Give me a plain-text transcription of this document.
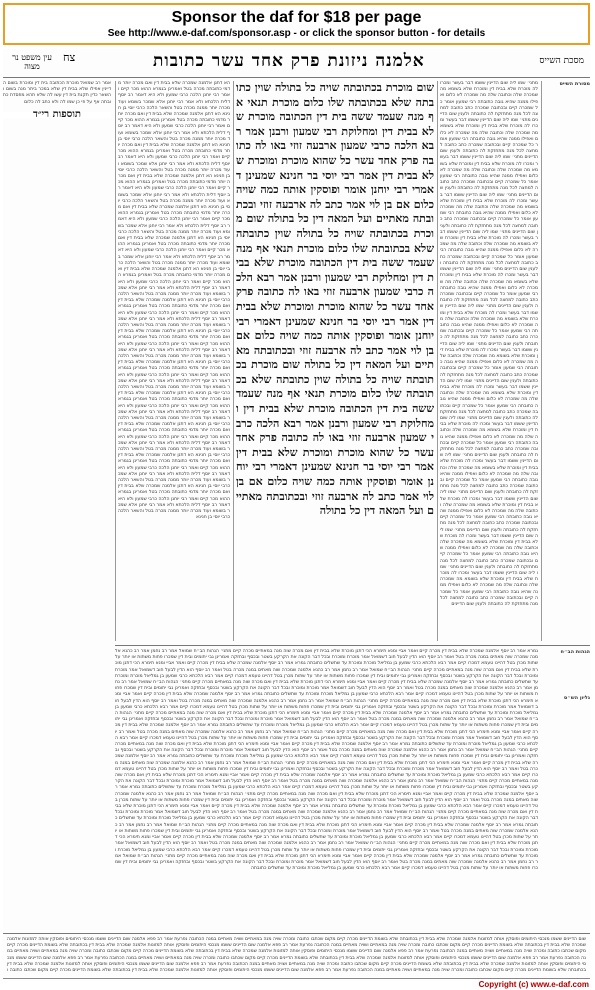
Sponsor the daf for $18 per page
See http://www.e-daf.com/sponsor.asp - or click the sponsor button - for details
מסכת השייס
אלמנה ניזונת פרק אחד עשר כתובות
צח
עין משפט נר מצוה
מסורת השייס
מתני׳ שמו ליה שום הדיינין ששמו דבר בעשר ומכרו לה מוכרת שלא בבית דין ומוכרת שלא בשומא מה שמכרה שלה וכתובה שלה מה שמכרה לא כלום ואפילו ממנה שהיא גובה כתובתה רבי שמעון אומר כל שמכרה קיים ובכתובה שמכרה כתב כתובה למחצה לכל מנה מתחזקת לה כתובתה ולענין שום הדיינים מתני׳ שמו ליה שום הדיינין ששמו דבר בעשר ומכרו לה מוכרת שלא בבית דין ומוכרת שלא בשומא מה שמכרה שלה וכתובה שלה מה שמכרה לא כלום ואפילו ממנה שהיא גובה כתובתה רבי שמעון אומר כל שמכרה קיים ובכתובה שמכרה כתב כתובה למחצה לכל מנה מתחזקת לה כתובתה ולענין שום הדיינים מתני׳ שמו ליה שום הדיינין ששמו דבר בעשר ומכרו לה מוכרת שלא בבית דין ומוכרת שלא בשומא מה שמכרה שלה וכתובה שלה מה שמכרה לא כלום ואפילו ממנה שהיא גובה כתובתה רבי שמעון אומר כל שמכרה קיים ובכתובה שמכרה כתב כתובה למחצה לכל מנה מתחזקת לה כתובתה ולענין שום הדיינים מתני׳ שמו ליה שום הדיינין ששמו דבר בעשר ומכרו לה מוכרת שלא בבית דין ומוכרת שלא בשומא מה שמכרה שלה וכתובה שלה מה שמכרה לא כלום ואפילו ממנה שהיא גובה כתובתה רבי שמעון אומר כל שמכרה קיים ובכתובה שמכרה כתב כתובה למחצה לכל מנה מתחזקת לה כתובתה ולענין שום הדיינים מתני׳ שמו ליה שום הדיינין ששמו דבר בעשר ומכרו לה מוכרת שלא בבית דין ומוכרת שלא בשומא מה שמכרה שלה וכתובה שלה מה שמכרה לא כלום ואפילו ממנה שהיא גובה כתובתה רבי שמעון אומר כל שמכרה קיים ובכתובה שמכרה כתב כתובה למחצה לכל מנה מתחזקת לה כתובתה ולענין שום הדיינים מתני׳ שמו ליה שום הדיינין ששמו דבר בעשר ומכרו לה מוכרת שלא בבית דין ומוכרת שלא בשומא מה שמכרה שלה וכתובה שלה מה שמכרה לא כלום ואפילו ממנה שהיא גובה כתובתה רבי שמעון אומר כל שמכרה קיים ובכתובה שמכרה כתב כתובה למחצה לכל מנה מתחזקת לה כתובתה ולענין שום הדיינים מתני׳ שמו ליה שום הדיינין ששמו דבר בעשר ומכרו לה מוכרת שלא בבית דין ומוכרת שלא בשומא מה שמכרה שלה וכתובה שלה מה שמכרה לא כלום ואפילו ממנה שהיא גובה כתובתה רבי שמעון אומר כל שמכרה קיים ובכתובה שמכרה כתב כתובה למחצה לכל מנה מתחזקת לה כתובתה ולענין שום הדיינים מתני׳ שמו ליה שום הדיינין ששמו דבר בעשר ומכרו לה מוכרת שלא בבית דין ומוכרת שלא בשומא מה שמכרה שלה וכתובה שלה מה שמכרה לא כלום ואפילו ממנה שהיא גובה כתובתה רבי שמעון אומר כל שמכרה קיים ובכתובה שמכרה כתב כתובה למחצה לכל מנה מתחזקת לה כתובתה ולענין שום הדיינים מתני׳ שמו ליה שום הדיינין ששמו דבר בעשר ומכרו לה מוכרת שלא בבית דין ומוכרת שלא בשומא מה שמכרה שלה וכתובה שלה מה שמכרה לא כלום ואפילו ממנה שהיא גובה כתובתה רבי שמעון אומר כל שמכרה קיים ובכתובה שמכרה כתב כתובה למחצה לכל מנה מתחזקת לה כתובתה ולענין שום הדיינים מתני׳ שמו ליה שום הדיינין ששמו דבר בעשר ומכרו לה מוכרת שלא בבית דין ומוכרת שלא בשומא מה שמכרה שלה וכתובה שלה מה שמכרה לא כלום ואפילו ממנה שהיא גובה כתובתה רבי שמעון אומר כל שמכרה קיים ובכתובה שמכרה כתב כתובה למחצה לכל מנה מתחזקת לה כתובתה ולענין שום הדיינים מתני׳ שמו ליה שום הדיינין ששמו דבר בעשר ומכרו לה מוכרת שלא בבית דין ומוכרת שלא בשומא מה שמכרה שלה וכתובה שלה מה שמכרה לא כלום ואפילו ממנה שהיא גובה כתובתה רבי שמעון אומר כל שמכרה קיים ובכתובה שמכרה כתב כתובה למחצה לכל מנה מתחזקת לה כתובתה ולענין שום הדיינים מתני׳ שמו ליה שום הדיינין ששמו דבר בעשר ומכרו לה מוכרת שלא בבית דין ומוכרת שלא בשומא מה שמכרה שלה וכתובה שלה מה שמכרה לא כלום ואפילו ממנה שהיא גובה כתובתה רבי שמעון אומר כל שמכרה קיים ובכתובה שמכרה כתב כתובה למחצה לכל מנה מתחזקת לה כתובתה ולענין שום הדיינים מתני׳ שמו ליה שום הדיינין ששמו דבר בעשר ומכרו לה מוכרת שלא בבית דין ומוכרת שלא בשומא מה שמכרה שלה וכתובה שלה מה שמכרה לא כלום ואפילו ממנה שהיא גובה כתובתה רבי שמעון אומר כל שמכרה קיים ובכתובה שמכרה כתב כתובה למחצה לכל מנה מתחזקת לה כתובתה ולענין שום הדיינים מתני׳ שמו ליה שום הדיינין ששמו דבר בעשר ומכרו לה מוכרת שלא בבית דין ומוכרת שלא בשומא מה שמכרה שלה וכתובה שלה מה שמכרה לא כלום ואפילו ממנה שהיא גובה כתובתה רבי שמעון אומר כל שמכרה קיים ובכתובה שמכרה כתב כתובה למחצה לכל מנה מתחזקת לה כתובתה ולענין שום הדיינים
שום מוכרת בכתובתה שויה כל בתולה שוין כתובתה שלא בכתובתה שלו כלום מוכרת תנאי אף מנה שעמד ששה בית דין הכתובה מוכרת שלא בבית דין ומחלוקת רבי שמעון ורבנן אמר רבא הלכה כרבי שמעון ארבעה זוזי באו לה כתובה פרק אחד עשר כל שהוא מוכרת ומוכרת שלא בבית דין אמר רבי יוסי בר חנינא שמעינן דאמרי רבי יוחנן אומר ופוסקין אותה כמה שויה כלום אם בן לוי אמר כתב לה ארבעה זוזי ובכתובתה מאתיים ועל המאה דין כל בתולה שום מוכרת בכתובתה שויה כל בתולה שוין כתובתה שלא בכתובתה שלו כלום מוכרת תנאי אף מנה שעמד ששה בית דין הכתובה מוכרת שלא בבית דין ומחלוקת רבי שמעון ורבנן אמר רבא הלכה כרבי שמעון ארבעה זוזי באו לה כתובה פרק אחד עשר כל שהוא מוכרת ומוכרת שלא בבית דין אמר רבי יוסי בר חנינא שמעינן דאמרי רבי יוחנן אומר ופוסקין אותה כמה שויה כלום אם בן לוי אמר כתב לה ארבעה זוזי ובכתובתה מאתיים ועל המאה דין כל בתולה שום מוכרת בכתובתה שויה כל בתולה שוין כתובתה שלא בכתובתה שלו כלום מוכרת תנאי אף מנה שעמד ששה בית דין הכתובה מוכרת שלא בבית דין ומחלוקת רבי שמעון ורבנן אמר רבא הלכה כרבי שמעון ארבעה זוזי באו לה כתובה פרק אחד עשר כל שהוא מוכרת ומוכרת שלא בבית דין אמר רבי יוסי בר חנינא שמעינן דאמרי רבי יוחנן אומר ופוסקין אותה כמה שויה כלום אם בן לוי אמר כתב לה ארבעה זוזי ובכתובתה מאתיים ועל המאה דין כל בתולה
הא דתנן אלמנה שמכרה שלא בבית דין ואם מכרה יותר מדמי כתובתה מכרה בטל ואמרינן בגמרא ההוא מכר קיים ואמר רבי יוחנן הלכה כרבי שמעון ולא היא דאמר רב יוסף דלית הלכתא ולא אמר רבי יוחנן אלא שמכר בשומא ועוד מכרה יותר ממנה מכרה בטל והשאר הלכה כרבי יוסי בן חנינא הא דתנן אלמנה שמכרה שלא בבית דין ואם מכרה יותר מדמי כתובתה מכרה בטל ואמרינן בגמרא ההוא מכר קיים ואמר רבי יוחנן הלכה כרבי שמעון ולא היא דאמר רב יוסף דלית הלכתא ולא אמר רבי יוחנן אלא שמכר בשומא ועוד מכרה יותר ממנה מכרה בטל והשאר הלכה כרבי יוסי בן חנינא הא דתנן אלמנה שמכרה שלא בבית דין ואם מכרה יותר מדמי כתובתה מכרה בטל ואמרינן בגמרא ההוא מכר קיים ואמר רבי יוחנן הלכה כרבי שמעון ולא היא דאמר רב יוסף דלית הלכתא ולא אמר רבי יוחנן אלא שמכר בשומא ועוד מכרה יותר ממנה מכרה בטל והשאר הלכה כרבי יוסי בן חנינא הא דתנן אלמנה שמכרה שלא בבית דין ואם מכרה יותר מדמי כתובתה מכרה בטל ואמרינן בגמרא ההוא מכר קיים ואמר רבי יוחנן הלכה כרבי שמעון ולא היא דאמר רב יוסף דלית הלכתא ולא אמר רבי יוחנן אלא שמכר בשומא ועוד מכרה יותר ממנה מכרה בטל והשאר הלכה כרבי יוסי בן חנינא הא דתנן אלמנה שמכרה שלא בבית דין ואם מכרה יותר מדמי כתובתה מכרה בטל ואמרינן בגמרא ההוא מכר קיים ואמר רבי יוחנן הלכה כרבי שמעון ולא היא דאמר רב יוסף דלית הלכתא ולא אמר רבי יוחנן אלא שמכר בשומא ועוד מכרה יותר ממנה מכרה בטל והשאר הלכה כרבי יוסי בן חנינא הא דתנן אלמנה שמכרה שלא בבית דין ואם מכרה יותר מדמי כתובתה מכרה בטל ואמרינן בגמרא ההוא מכר קיים ואמר רבי יוחנן הלכה כרבי שמעון ולא היא דאמר רב יוסף דלית הלכתא ולא אמר רבי יוחנן אלא שמכר בשומא ועוד מכרה יותר ממנה מכרה בטל והשאר הלכה כרבי יוסי בן חנינא הא דתנן אלמנה שמכרה שלא בבית דין ואם מכרה יותר מדמי כתובתה מכרה בטל ואמרינן בגמרא ההוא מכר קיים ואמר רבי יוחנן הלכה כרבי שמעון ולא היא דאמר רב יוסף דלית הלכתא ולא אמר רבי יוחנן אלא שמכר בשומא ועוד מכרה יותר ממנה מכרה בטל והשאר הלכה כרבי יוסי בן חנינא הא דתנן אלמנה שמכרה שלא בבית דין ואם מכרה יותר מדמי כתובתה מכרה בטל ואמרינן בגמרא ההוא מכר קיים ואמר רבי יוחנן הלכה כרבי שמעון ולא היא דאמר רב יוסף דלית הלכתא ולא אמר רבי יוחנן אלא שמכר בשומא ועוד מכרה יותר ממנה מכרה בטל והשאר הלכה כרבי יוסי בן חנינא הא דתנן אלמנה שמכרה שלא בבית דין ואם מכרה יותר מדמי כתובתה מכרה בטל ואמרינן בגמרא ההוא מכר קיים ואמר רבי יוחנן הלכה כרבי שמעון ולא היא דאמר רב יוסף דלית הלכתא ולא אמר רבי יוחנן אלא שמכר בשומא ועוד מכרה יותר ממנה מכרה בטל והשאר הלכה כרבי יוסי בן חנינא הא דתנן אלמנה שמכרה שלא בבית דין ואם מכרה יותר מדמי כתובתה מכרה בטל ואמרינן בגמרא ההוא מכר קיים ואמר רבי יוחנן הלכה כרבי שמעון ולא היא דאמר רב יוסף דלית הלכתא ולא אמר רבי יוחנן אלא שמכר בשומא ועוד מכרה יותר ממנה מכרה בטל והשאר הלכה כרבי יוסי בן חנינא הא דתנן אלמנה שמכרה שלא בבית דין ואם מכרה יותר מדמי כתובתה מכרה בטל ואמרינן בגמרא ההוא מכר קיים ואמר רבי יוחנן הלכה כרבי שמעון ולא היא דאמר רב יוסף דלית הלכתא ולא אמר רבי יוחנן אלא שמכר בשומא ועוד מכרה יותר ממנה מכרה בטל והשאר הלכה כרבי יוסי בן חנינא הא דתנן אלמנה שמכרה שלא בבית דין ואם מכרה יותר מדמי כתובתה מכרה בטל ואמרינן בגמרא ההוא מכר קיים ואמר רבי יוחנן הלכה כרבי שמעון ולא היא דאמר רב יוסף דלית הלכתא ולא אמר רבי יוחנן אלא שמכר בשומא ועוד מכרה יותר ממנה מכרה בטל והשאר הלכה כרבי יוסי בן חנינא הא דתנן אלמנה שמכרה שלא בבית דין ואם מכרה יותר מדמי כתובתה מכרה בטל ואמרינן בגמרא ההוא מכר קיים ואמר רבי יוחנן הלכה כרבי שמעון ולא היא דאמר רב יוסף דלית הלכתא ולא אמר רבי יוחנן אלא שמכר בשומא ועוד מכרה יותר ממנה מכרה בטל והשאר הלכה כרבי יוסי בן חנינא הא דתנן אלמנה שמכרה שלא בבית דין ואם מכרה יותר מדמי כתובתה מכרה בטל ואמרינן בגמרא ההוא מכר קיים ואמר רבי יוחנן הלכה כרבי שמעון ולא היא דאמר רב יוסף דלית הלכתא ולא אמר רבי יוחנן אלא שמכר בשומא ועוד מכרה יותר ממנה מכרה בטל והשאר הלכה כרבי יוסי בן חנינא
אמר רב שמואל מוכרת הכתובה בית דין ומוכרת בשום הדיינין אפילו שלא בבית דין שלא במכר ביתר מנה בשום והשאר כדין תקנת בית דין עשו לה שלא תהא מפסדת כתובתה אף על פי כן שמו לה ולא כתב לה כלום
תוספות רי״ד
גמרא אמר רב יוסף אלמנה שמכרה שלא בבית דין מכרה קיים ואמר אביי ומנא תימרא הכי דתנן מוכרת שלא בבית דין ואם מכרה שוה מנה במאתיים מכרה קיים מתני׳ הגהות הב״ח שמואל אמר רב נחמן אמר רב כהנא אלמנה שמכרה שוה מאתים במנה מכרה בטל ואמר רב יוסף הוא הדין לבעל חוב דשמואל אמר מוכרת ומוכרת ובכל דבר הקונה את הקרקע בשטר ובכסף ובחזקה ואמרינן גבי יתומים ובית דין שמכרו פחות משתות או יותר על שתות מכרן בטל דהיינו טעמא דמכרו קיים אמר רבא הלכתא כרבי שמעון בן גמליאל מוכרת ומוכרת עד שתשלים כתובתה גמרא אמר רב יוסף אלמנה שמכרה שלא בבית דין מכרה קיים ואמר אביי ומנא תימרא הכי דתנן מוכרת שלא בבית דין ואם מכרה שוה מנה במאתיים מכרה קיים מתני׳ הגהות הב״ח שמואל אמר רב נחמן אמר רב כהנא אלמנה שמכרה שוה מאתים במנה מכרה בטל ואמר רב יוסף הוא הדין לבעל חוב דשמואל אמר מוכרת ומוכרת ובכל דבר הקונה את הקרקע בשטר ובכסף ובחזקה ואמרינן גבי יתומים ובית דין שמכרו פחות משתות או יותר על שתות מכרן בטל דהיינו טעמא דמכרו קיים אמר רבא הלכתא כרבי שמעון בן גמליאל מוכרת ומוכרת עד שתשלים כתובתה גמרא אמר רב יוסף אלמנה שמכרה שלא בבית דין מכרה קיים ואמר אביי ומנא תימרא הכי דתנן מוכרת שלא בבית דין ואם מכרה שוה מנה במאתיים מכרה קיים מתני׳ הגהות הב״ח שמואל אמר רב נחמן אמר רב כהנא אלמנה שמכרה שוה מאתים במנה מכרה בטל ואמר רב יוסף הוא הדין לבעל חוב דשמואל אמר מוכרת ומוכרת ובכל דבר הקונה את הקרקע בשטר ובכסף ובחזקה ואמרינן גבי יתומים ובית דין שמכרו פחות משתות או יותר על שתות מכרן בטל דהיינו טעמא דמכרו קיים אמר רבא הלכתא כרבי שמעון בן גמליאל מוכרת ומוכרת עד שתשלים כתובתה גמרא אמר רב יוסף אלמנה שמכרה שלא בבית דין מכרה קיים ואמר אביי ומנא תימרא הכי דתנן מוכרת שלא בבית דין ואם מכרה שוה מנה במאתיים מכרה קיים מתני׳ הגהות הב״ח שמואל אמר רב נחמן אמר רב כהנא אלמנה שמכרה שוה מאתים במנה מכרה בטל ואמר רב יוסף הוא הדין לבעל חוב דשמואל אמר מוכרת ומוכרת ובכל דבר הקונה את הקרקע בשטר ובכסף ובחזקה ואמרינן גבי יתומים ובית דין שמכרו פחות משתות או יותר על שתות מכרן בטל דהיינו טעמא דמכרו קיים אמר רבא הלכתא כרבי שמעון בן גמליאל מוכרת ומוכרת עד שתשלים כתובתה גמרא אמר רב יוסף אלמנה שמכרה שלא בבית דין מכרה קיים ואמר אביי ומנא תימרא הכי דתנן מוכרת שלא בבית דין ואם מכרה שוה מנה במאתיים מכרה קיים מתני׳ הגהות הב״ח שמואל אמר רב נחמן אמר רב כהנא אלמנה שמכרה שוה מאתים במנה מכרה בטל ואמר רב יוסף הוא הדין לבעל חוב דשמואל אמר מוכרת ומוכרת ובכל דבר הקונה את הקרקע בשטר ובכסף ובחזקה ואמרינן גבי יתומים ובית דין שמכרו פחות משתות או יותר על שתות מכרן בטל דהיינו טעמא דמכרו קיים אמר רבא הלכתא כרבי שמעון בן גמליאל מוכרת ומוכרת עד שתשלים כתובתה גמרא אמר רב יוסף אלמנה שמכרה שלא בבית דין מכרה קיים ואמר אביי ומנא תימרא הכי דתנן מוכרת שלא בבית דין ואם מכרה שוה מנה במאתיים מכרה קיים מתני׳ הגהות הב״ח שמואל אמר רב נחמן אמר רב כהנא אלמנה שמכרה שוה מאתים במנה מכרה בטל ואמר רב יוסף הוא הדין לבעל חוב דשמואל אמר מוכרת ומוכרת ובכל דבר הקונה את הקרקע בשטר ובכסף ובחזקה ואמרינן גבי יתומים ובית דין שמכרו פחות משתות או יותר על שתות מכרן בטל דהיינו טעמא דמכרו קיים אמר רבא הלכתא כרבי שמעון בן גמליאל מוכרת ומוכרת עד שתשלים כתובתה גמרא אמר רב יוסף אלמנה שמכרה שלא בבית דין מכרה קיים ואמר אביי ומנא תימרא הכי דתנן מוכרת שלא בבית דין ואם מכרה שוה מנה במאתיים מכרה קיים מתני׳ הגהות הב״ח שמואל אמר רב נחמן אמר רב כהנא אלמנה שמכרה שוה מאתים במנה מכרה בטל ואמר רב יוסף הוא הדין לבעל חוב דשמואל אמר מוכרת ומוכרת ובכל דבר הקונה את הקרקע בשטר ובכסף ובחזקה ואמרינן גבי יתומים ובית דין שמכרו פחות משתות או יותר על שתות מכרן בטל דהיינו טעמא דמכרו קיים אמר רבא הלכתא כרבי שמעון בן גמליאל מוכרת ומוכרת עד שתשלים כתובתה גמרא אמר רב יוסף אלמנה שמכרה שלא בבית דין מכרה קיים ואמר אביי ומנא תימרא הכי דתנן מוכרת שלא בבית דין ואם מכרה שוה מנה במאתיים מכרה קיים מתני׳ הגהות הב״ח שמואל אמר רב נחמן אמר רב כהנא אלמנה שמכרה שוה מאתים במנה מכרה בטל ואמר רב יוסף הוא הדין לבעל חוב דשמואל אמר מוכרת ומוכרת ובכל דבר הקונה את הקרקע בשטר ובכסף ובחזקה ואמרינן גבי יתומים ובית דין שמכרו פחות משתות או יותר על שתות מכרן בטל דהיינו טעמא דמכרו קיים אמר רבא הלכתא כרבי שמעון בן גמליאל מוכרת ומוכרת עד שתשלים כתובתה גמרא אמר רב יוסף אלמנה שמכרה שלא בבית דין מכרה קיים ואמר אביי ומנא תימרא הכי דתנן מוכרת שלא בבית דין ואם מכרה שוה מנה במאתיים מכרה קיים מתני׳ הגהות הב״ח שמואל אמר רב נחמן אמר רב כהנא אלמנה שמכרה שוה מאתים במנה מכרה בטל ואמר רב יוסף הוא הדין לבעל חוב דשמואל אמר מוכרת ומוכרת ובכל דבר הקונה את הקרקע בשטר ובכסף ובחזקה ואמרינן גבי יתומים ובית דין שמכרו פחות משתות או יותר על שתות מכרן בטל דהיינו טעמא דמכרו קיים אמר רבא הלכתא כרבי שמעון בן גמליאל מוכרת ומוכרת עד שתשלים כתובתה גמרא אמר רב יוסף אלמנה שמכרה שלא בבית דין מכרה קיים ואמר אביי ומנא תימרא הכי דתנן מוכרת שלא בבית דין ואם מכרה שוה מנה במאתיים מכרה קיים מתני׳ הגהות הב״ח שמואל אמר רב נחמן אמר רב כהנא אלמנה שמכרה שוה מאתים במנה מכרה בטל ואמר רב יוסף הוא הדין לבעל חוב דשמואל אמר מוכרת ומוכרת ובכל דבר הקונה את הקרקע בשטר ובכסף ובחזקה ואמרינן גבי יתומים ובית דין שמכרו פחות משתות או יותר על שתות מכרן בטל דהיינו טעמא דמכרו קיים אמר רבא הלכתא כרבי שמעון בן גמליאל מוכרת ומוכרת עד שתשלים כתובתה גמרא אמר רב יוסף אלמנה שמכרה שלא בבית דין מכרה קיים ואמר אביי ומנא תימרא הכי דתנן מוכרת שלא בבית דין ואם מכרה שוה מנה במאתיים מכרה קיים מתני׳ הגהות הב״ח שמואל אמר רב נחמן אמר רב כהנא אלמנה שמכרה שוה מאתים במנה מכרה בטל ואמר רב יוסף הוא הדין לבעל חוב דשמואל אמר מוכרת ומוכרת ובכל דבר הקונה את הקרקע בשטר ובכסף ובחזקה ואמרינן גבי יתומים ובית דין שמכרו פחות משתות או יותר על שתות מכרן בטל דהיינו טעמא דמכרו קיים אמר רבא הלכתא כרבי שמעון בן גמליאל מוכרת ומוכרת עד שתשלים כתובתה גמרא אמר רב יוסף אלמנה שמכרה שלא בבית דין מכרה קיים ואמר אביי ומנא תימרא הכי דתנן מוכרת שלא בבית דין ואם מכרה שוה מנה במאתיים מכרה קיים מתני׳ הגהות הב״ח שמואל אמר רב נחמן אמר רב כהנא אלמנה שמכרה שוה מאתים במנה מכרה בטל ואמר רב יוסף הוא הדין לבעל חוב דשמואל אמר מוכרת ומוכרת ובכל דבר הקונה את הקרקע בשטר ובכסף ובחזקה ואמרינן גבי יתומים ובית דין שמכרו פחות משתות או יותר על שתות מכרן בטל דהיינו טעמא דמכרו קיים אמר רבא הלכתא כרבי שמעון בן גמליאל מוכרת ומוכרת עד שתשלים כתובתה גמרא אמר רב יוסף אלמנה שמכרה שלא בבית דין מכרה קיים ואמר אביי ומנא תימרא הכי דתנן מוכרת שלא בבית דין ואם מכרה שוה מנה במאתיים מכרה קיים מתני׳ הגהות הב״ח שמואל אמר רב נחמן אמר רב כהנא אלמנה שמכרה שוה מאתים במנה מכרה בטל ואמר רב יוסף הוא הדין לבעל חוב דשמואל אמר מוכרת ומוכרת ובכל דבר הקונה את הקרקע בשטר ובכסף ובחזקה ואמרינן גבי יתומים ובית דין שמכרו פחות משתות או יותר על שתות מכרן בטל דהיינו טעמא דמכרו קיים אמר רבא הלכתא כרבי שמעון בן גמליאל מוכרת ומוכרת עד שתשלים כתובתה גמרא אמר רב יוסף אלמנה שמכרה שלא בבית דין מכרה קיים ואמר אביי ומנא תימרא הכי דתנן מוכרת שלא בבית דין ואם מכרה שוה מנה במאתיים מכרה קיים מתני׳ הגהות הב״ח שמואל אמר רב נחמן אמר רב כהנא אלמנה שמכרה שוה מאתים במנה מכרה בטל ואמר רב יוסף הוא הדין לבעל חוב דשמואל אמר מוכרת ומוכרת ובכל דבר הקונה את הקרקע בשטר ובכסף ובחזקה ואמרינן גבי יתומים ובית דין שמכרו פחות משתות או יותר על שתות מכרן בטל דהיינו טעמא דמכרו קיים אמר רבא הלכתא כרבי שמעון בן גמליאל מוכרת ומוכרת עד שתשלים כתובתה
הגהות הב״ח
גליון הש״ס
שום הדיינים ששמו מנכסי היתומים ופוסקין אותה למזונות אלמנה שמכרה שלא בבית דין בכתובתה שלא בשומת הדיינים מכרה קיים מקום שכתבו כתובה ומכרה שויה מנה במאתיים ושויה מאתיים במנה הכתובה נפרעת אמר רב פפא אלמנה שום הדיינים ששמו מנכסי היתומים ופוסקין אותה למזונות אלמנה שמכרה שלא בבית דין בכתובתה שלא בשומת הדיינים מכרה קיים מקום שכתבו כתובה ומכרה שויה מנה במאתיים ושויה מאתיים במנה הכתובה נפרעת אמר רב פפא אלמנה שום הדיינים ששמו מנכסי היתומים ופוסקין אותה למזונות אלמנה שמכרה שלא בבית דין בכתובתה שלא בשומת הדיינים מכרה קיים מקום שכתבו כתובה ומכרה שויה מנה במאתיים ושויה מאתיים במנה הכתובה נפרעת אמר רב פפא אלמנה שום הדיינים ששמו מנכסי היתומים ופוסקין אותה למזונות אלמנה שמכרה שלא בבית דין בכתובתה שלא בשומת הדיינים מכרה קיים מקום שכתבו כתובה ומכרה שויה מנה במאתיים ושויה מאתיים במנה הכתובה נפרעת אמר רב פפא אלמנה שום הדיינים ששמו מנכסי היתומים ופוסקין אותה למזונות אלמנה שמכרה שלא בבית דין בכתובתה שלא בשומת הדיינים מכרה קיים מקום שכתבו כתובה ומכרה שויה מנה במאתיים ושויה מאתיים במנה הכתובה נפרעת אמר רב פפא אלמנה שום הדיינים ששמו מנכסי היתומים ופוסקין אותה למזונות אלמנה שמכרה שלא בבית דין בכתובתה שלא בשומת הדיינים מכרה קיים מקום שכתבו כתובה ומכרה שויה מנה במאתיים ושויה מאתיים במנה הכתובה נפרעת אמר רב פפא אלמנה שום הדיינים ששמו מנכסי היתומים ופוסקין אותה למזונות אלמנה שמכרה שלא בבית דין בכתובתה שלא בשומת הדיינים מכרה קיים מקום שכתבו כתובה ומכרה שויה מנה במאתיים ושויה מאתיים במנה הכתובה נפרעת אמר רב פפא אלמנה שום הדיינים ששמו מנכסי היתומים ופוסקין אותה למזונות אלמנה שמכרה שלא בבית דין בכתובתה שלא בשומת הדיינים מכרה קיים מקום שכתבו כתובה ו
Copyright (c) www.e-daf.com
